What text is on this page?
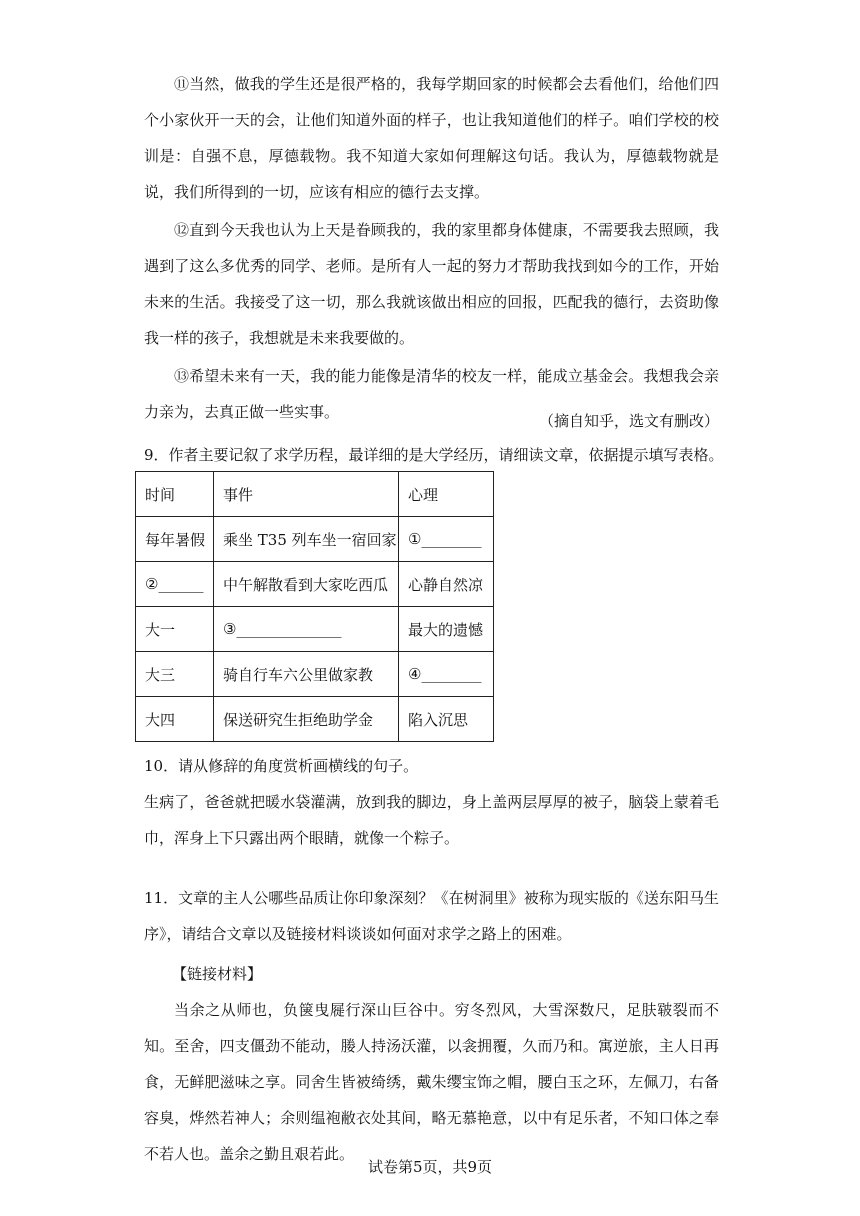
⑪当然，做我的学生还是很严格的，我每学期回家的时候都会去看他们，给他们四个小家伙开一天的会，让他们知道外面的样子，也让我知道他们的样子。咱们学校的校训是：自强不息，厚德载物。我不知道大家如何理解这句话。我认为，厚德载物就是说，我们所得到的一切，应该有相应的德行去支撑。

⑫直到今天我也认为上天是眷顾我的，我的家里都身体健康，不需要我去照顾，我遇到了这么多优秀的同学、老师。是所有人一起的努力才帮助我找到如今的工作，开始未来的生活。我接受了这一切，那么我就该做出相应的回报，匹配我的德行，去资助像我一样的孩子，我想就是未来我要做的。

⑬希望未来有一天，我的能力能像是清华的校友一样，能成立基金会。我想我会亲力亲为，去真正做一些实事。	（摘自知乎，选文有删改）

9．作者主要记叙了求学历程，最详细的是大学经历，请细读文章，依据提示填写表格。

时间	事件	心理
每年暑假	乘坐 T35 列车坐一宿回家	①________
②______	中午解散看到大家吃西瓜	心静自然凉
大一	③______________	最大的遗憾
大三	骑自行车六公里做家教	④________
大四	保送研究生拒绝助学金	陷入沉思

10．请从修辞的角度赏析画横线的句子。

生病了，爸爸就把暖水袋灌满，放到我的脚边，身上盖两层厚厚的被子，脑袋上蒙着毛巾，浑身上下只露出两个眼睛，就像一个粽子。

11．文章的主人公哪些品质让你印象深刻？《在树洞里》被称为现实版的《送东阳马生序》，请结合文章以及链接材料谈谈如何面对求学之路上的困难。

【链接材料】

当余之从师也，负箧曳屣行深山巨谷中。穷冬烈风，大雪深数尺，足肤皲裂而不知。至舍，四支僵劲不能动，媵人持汤沃灌，以衾拥覆，久而乃和。寓逆旅，主人日再食，无鲜肥滋味之享。同舍生皆被绮绣，戴朱缨宝饰之帽，腰白玉之环，左佩刀，右备容臭，烨然若神人；余则缊袍敝衣处其间，略无慕艳意，以中有足乐者，不知口体之奉不若人也。盖余之勤且艰若此。

试卷第5页，共9页
